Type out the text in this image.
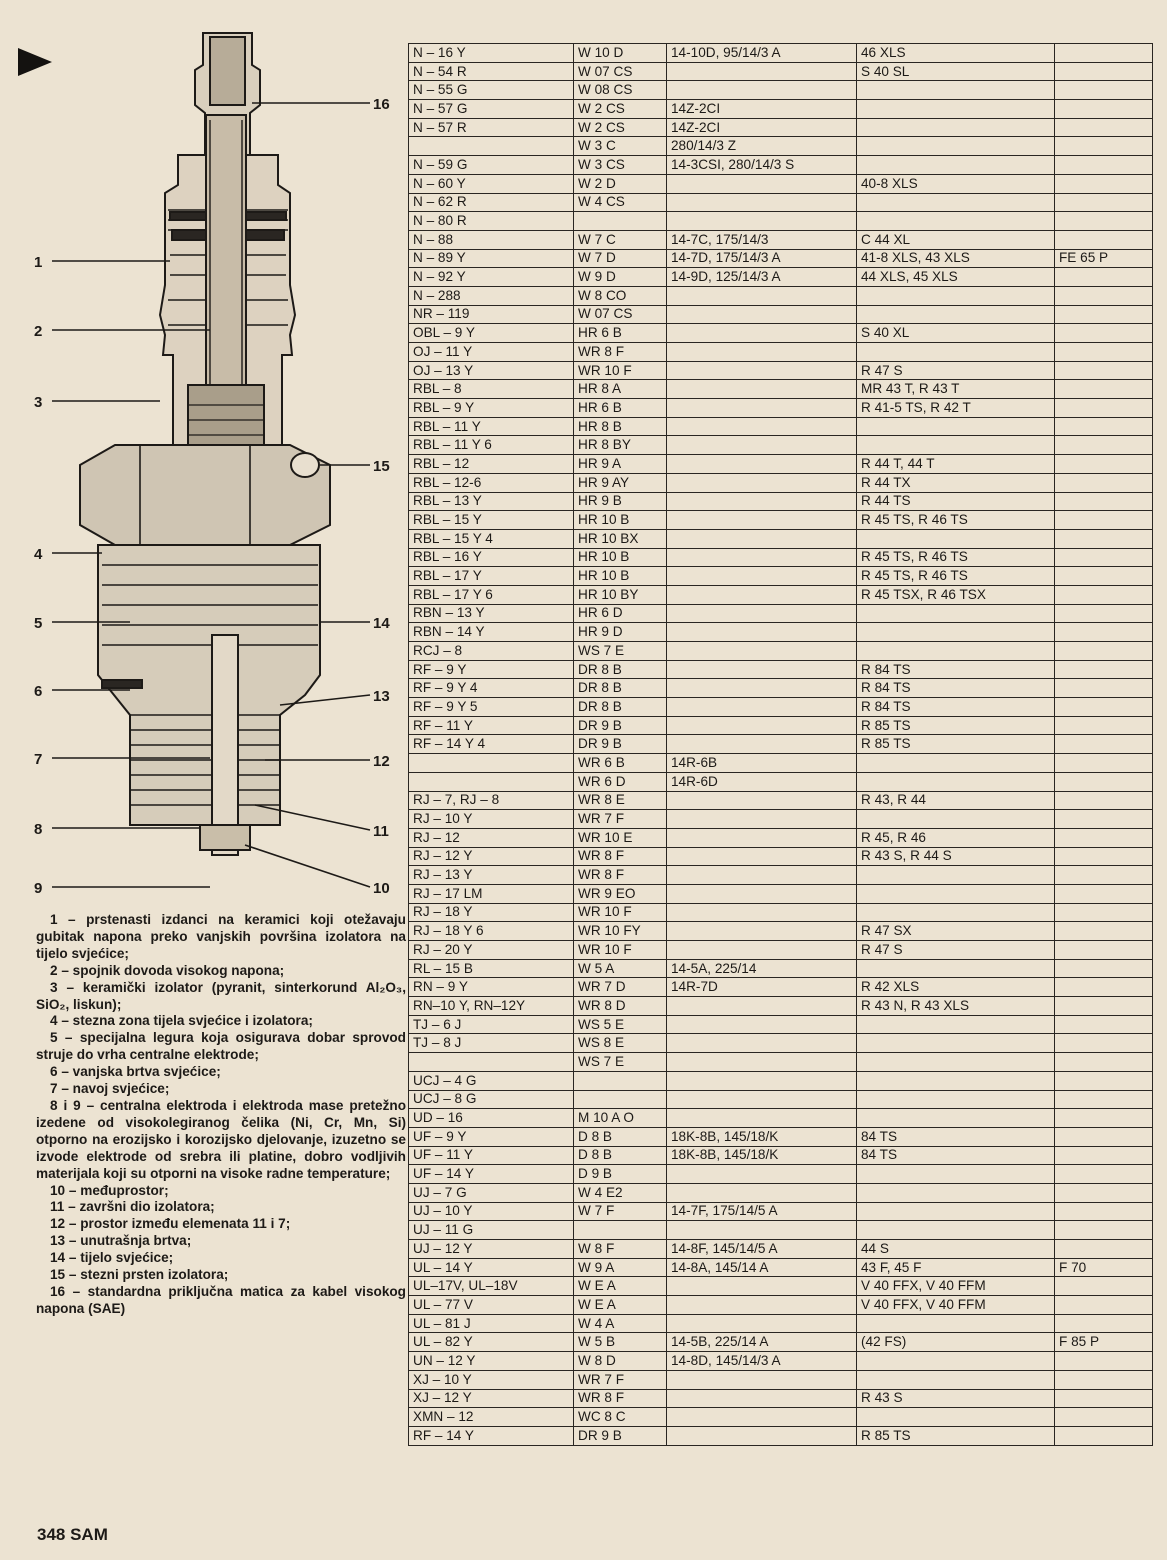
1
2
3
4
5
6
7
8
9	10
11
12
13
14
15
16

1 – prstenasti izdanci na keramici koji otežavaju gubitak napona preko vanjskih površina izolatora na tijelo svjećice;

2 – spojnik dovoda visokog napona;

3 – keramički izolator (pyranit, sinterkorund Al₂O₃, SiO₂, liskun);

4 – stezna zona tijela svjećice i izolatora;

5 – specijalna legura koja osigurava dobar sprovod struje do vrha centralne elektrode;

6 – vanjska brtva svjećice;

7 – navoj svjećice;

8 i 9 – centralna elektroda i elektroda mase pretežno izedene od visokolegiranog čelika (Ni, Cr, Mn, Si) otporno na erozijsko i korozijsko djelovanje, izuzetno se izvode elektrode od srebra ili platine, dobro vodljivih materijala koji su otporni na visoke radne temperature;

10 – međuprostor;

11 – završni dio izolatora;

12 – prostor između elemenata 11 i 7;

13 – unutrašnja brtva;

14 – tijelo svjećice;

15 – stezni prsten izolatora;

16 – standardna priključna matica za kabel visokog napona (SAE)

348 SAM
N – 16 Y	W 10 D	14-10D, 95/14/3 A	46 XLS	
N – 54 R	W 07 CS		S 40 SL	
N – 55 G	W 08 CS			
N – 57 G	W 2 CS	14Z-2CI		
N – 57 R	W 2 CS	14Z-2CI		
	W 3 C	280/14/3 Z		
N – 59 G	W 3 CS	14-3CSI, 280/14/3 S		
N – 60 Y	W 2 D		40-8 XLS	
N – 62 R	W 4 CS			
N – 80 R				
N – 88	W 7 C	14-7C, 175/14/3	C 44 XL	
N – 89 Y	W 7 D	14-7D, 175/14/3 A	41-8 XLS, 43 XLS	FE 65 P
N – 92 Y	W 9 D	14-9D, 125/14/3 A	44 XLS, 45 XLS	
N – 288	W 8 CO			
NR – 119	W 07 CS			
OBL – 9 Y	HR 6 B		S 40 XL	
OJ – 11 Y	WR 8 F			
OJ – 13 Y	WR 10 F		R 47 S	
RBL – 8	HR 8 A		MR 43 T, R 43 T	
RBL – 9 Y	HR 6 B		R 41-5 TS, R 42 T	
RBL – 11 Y	HR 8 B			
RBL – 11 Y 6	HR 8 BY			
RBL – 12	HR 9 A		R 44 T, 44 T	
RBL – 12-6	HR 9 AY		R 44 TX	
RBL – 13 Y	HR 9 B		R 44 TS	
RBL – 15 Y	HR 10 B		R 45 TS, R 46 TS	
RBL – 15 Y 4	HR 10 BX			
RBL – 16 Y	HR 10 B		R 45 TS, R 46 TS	
RBL – 17 Y	HR 10 B		R 45 TS, R 46 TS	
RBL – 17 Y 6	HR 10 BY		R 45 TSX, R 46 TSX	
RBN – 13 Y	HR 6 D			
RBN – 14 Y	HR 9 D			
RCJ – 8	WS 7 E			
RF – 9 Y	DR 8 B		R 84 TS	
RF – 9 Y 4	DR 8 B		R 84 TS	
RF – 9 Y 5	DR 8 B		R 84 TS	
RF – 11 Y	DR 9 B		R 85 TS	
RF – 14 Y 4	DR 9 B		R 85 TS	
	WR 6 B	14R-6B		
	WR 6 D	14R-6D		
RJ – 7, RJ – 8	WR 8 E		R 43, R 44	
RJ – 10 Y	WR 7 F			
RJ – 12	WR 10 E		R 45, R 46	
RJ – 12 Y	WR 8 F		R 43 S, R 44 S	
RJ – 13 Y	WR 8 F			
RJ – 17 LM	WR 9 EO			
RJ – 18 Y	WR 10 F			
RJ – 18 Y 6	WR 10 FY		R 47 SX	
RJ – 20 Y	WR 10 F		R 47 S	
RL – 15 B	W 5 A	14-5A, 225/14		
RN – 9 Y	WR 7 D	14R-7D	R 42 XLS	
RN–10 Y, RN–12Y	WR 8 D		R 43 N, R 43 XLS	
TJ – 6 J	WS 5 E			
TJ – 8 J	WS 8 E			
	WS 7 E			
UCJ – 4 G				
UCJ – 8 G				
UD – 16	M 10 A O			
UF – 9 Y	D 8 B	18K-8B, 145/18/K	84 TS	
UF – 11 Y	D 8 B	18K-8B, 145/18/K	84 TS	
UF – 14 Y	D 9 B			
UJ – 7 G	W 4 E2			
UJ – 10 Y	W 7 F	14-7F, 175/14/5 A		
UJ – 11 G				
UJ – 12 Y	W 8 F	14-8F, 145/14/5 A	44 S	
UL – 14 Y	W 9 A	14-8A, 145/14 A	43 F, 45 F	F 70
UL–17V, UL–18V	W E A		V 40 FFX, V 40 FFM	
UL – 77 V	W E A		V 40 FFX, V 40 FFM	
UL – 81 J	W 4 A			
UL – 82 Y	W 5 B	14-5B, 225/14 A	(42 FS)	F 85 P
UN – 12 Y	W 8 D	14-8D, 145/14/3 A		
XJ – 10 Y	WR 7 F			
XJ – 12 Y	WR 8 F		R 43 S	
XMN – 12	WC 8 C			
RF – 14 Y	DR 9 B		R 85 TS	
